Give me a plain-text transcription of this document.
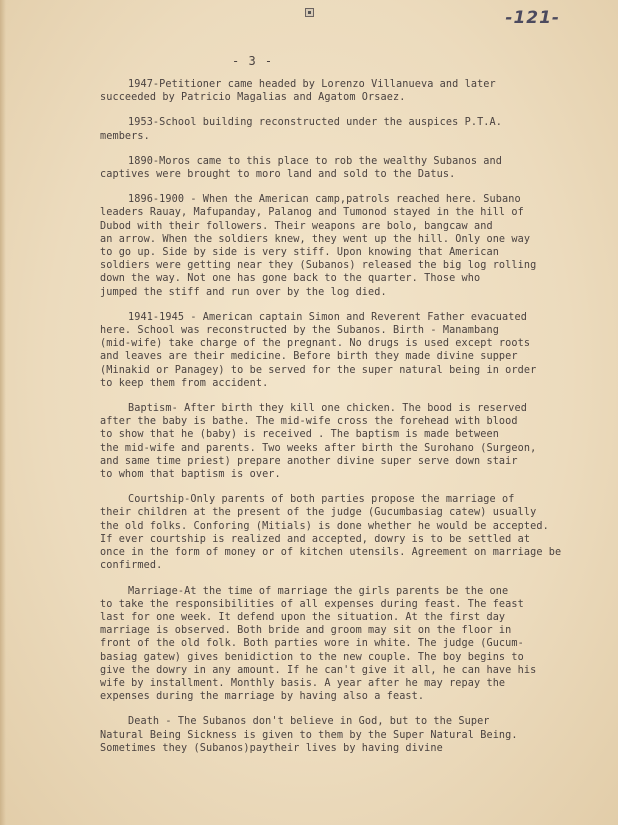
-121-
- 3 -

1947-Petitioner came headed by Lorenzo Villanueva and later
succeeded by Patricio Magalias and Agatom Orsaez.

1953-School building reconstructed under the auspices P.T.A.
members.

1890-Moros came to this place to rob the wealthy Subanos and
captives were brought to moro land and sold to the Datus.

1896-1900 - When the American camp,patrols reached here. Subano
leaders Rauay, Mafupanday, Palanog and Tumonod stayed in the hill of
Dubod with their followers. Their weapons are bolo, bangcaw and
an arrow. When the soldiers knew, they went up the hill. Only one way
to go up. Side by side is very stiff. Upon knowing that American
soldiers were getting near they (Subanos) released the big log rolling
down the way. Not one has gone back to the quarter. Those who
jumped the stiff and run over by the log died.

1941-1945 - American captain Simon and Reverent Father evacuated
here. School was reconstructed by the Subanos. Birth - Manambang
(mid-wife) take charge of the pregnant. No drugs is used except roots
and leaves are their medicine. Before birth they made divine supper
(Minakid or Panagey) to be served for the super natural being in order
to keep them from accident.

Baptism- After birth they kill one chicken. The bood is reserved
after the baby is bathe. The mid-wife cross the forehead with blood
to show that he (baby) is received . The baptism is made between
the mid-wife and parents. Two weeks after birth the Surohano (Surgeon,
and same time priest) prepare another divine super serve down stair
to whom that baptism is over.

Courtship-Only parents of both parties propose the marriage of
their children at the present of the judge (Gucumbasiag catew) usually
the old folks. Conforing (Mitials) is done whether he would be accepted.
If ever courtship is realized and accepted, dowry is to be settled at
once in the form of money or of kitchen utensils. Agreement on marriage be
confirmed.

Marriage-At the time of marriage the girls parents be the one
to take the responsibilities of all expenses during feast. The feast
last for one week. It defend upon the situation. At the first day
marriage is observed. Both bride and groom may sit on the floor in
front of the old folk. Both parties wore in white. The judge (Gucum-
basiag gatew) gives benidiction to the new couple. The boy begins to
give the dowry in any amount. If he can't give it all, he can have his
wife by installment. Monthly basis. A year after he may repay the
expenses during the marriage by having also a feast.

Death - The Subanos don't believe in God, but to the Super
Natural Being Sickness is given to them by the Super Natural Being.
Sometimes they (Subanos)paytheir lives by having divine
